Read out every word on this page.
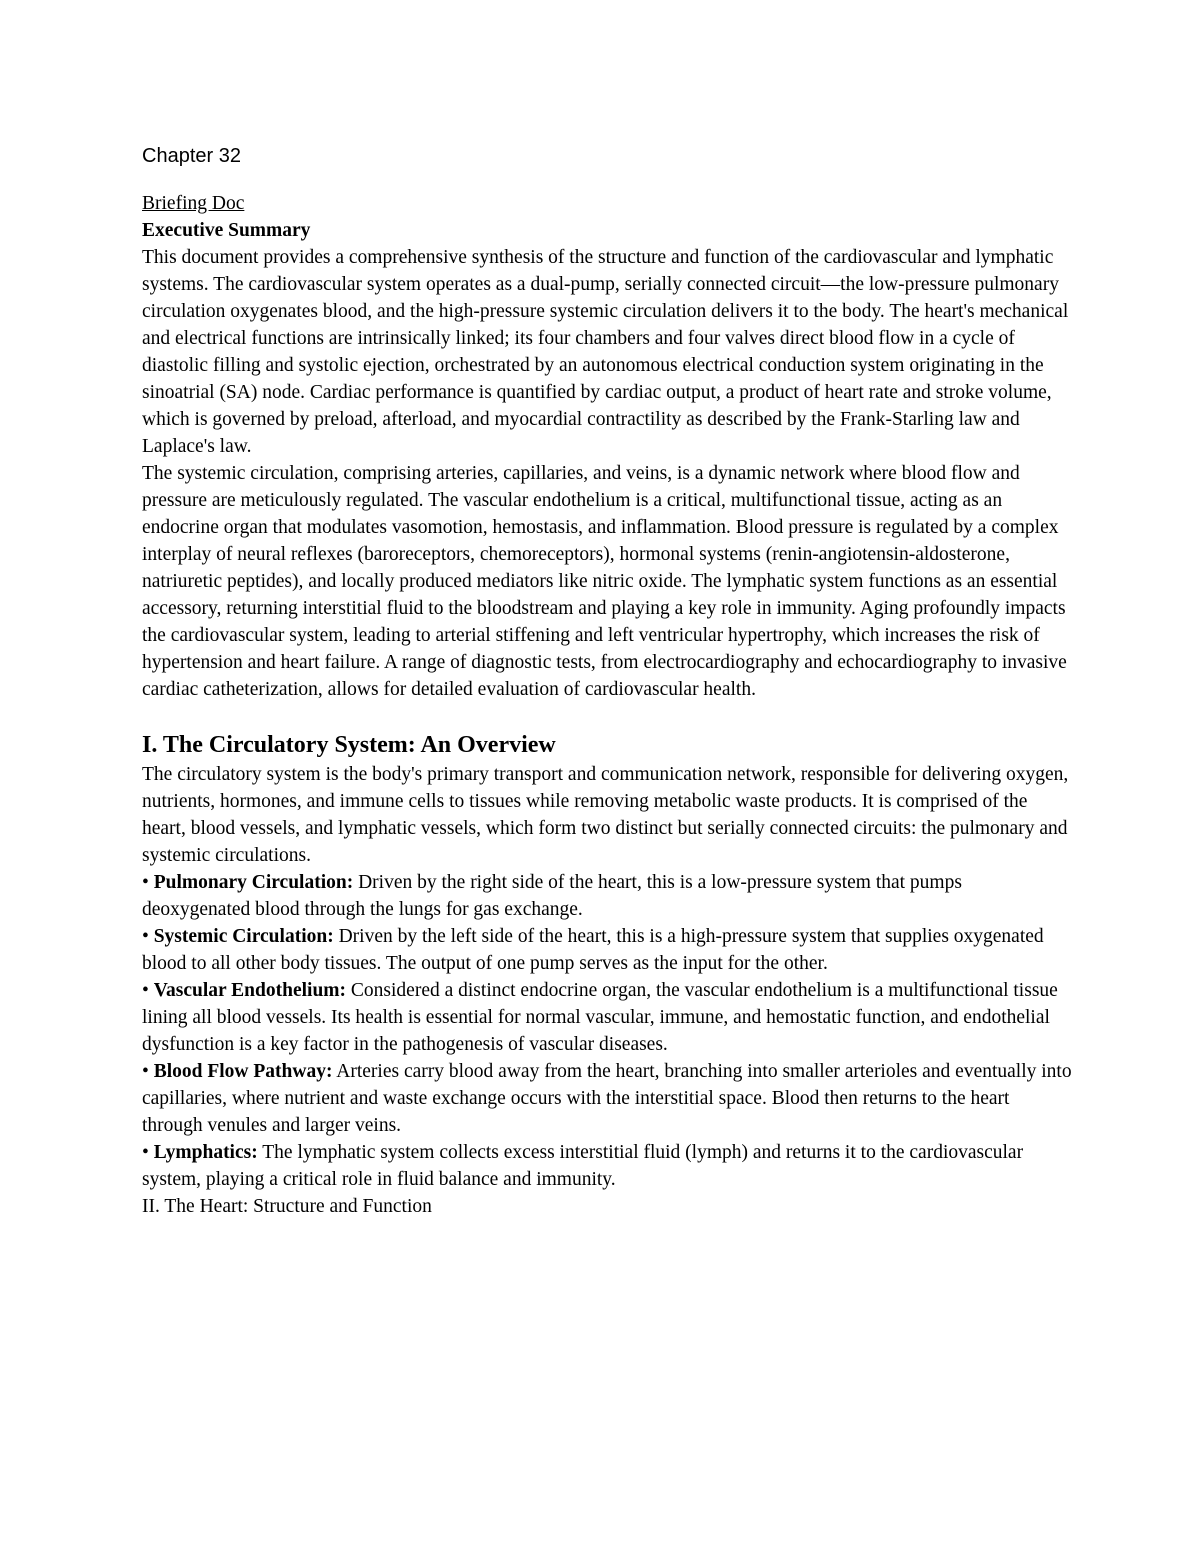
Chapter 32
Briefing Doc
Executive Summary

This document provides a comprehensive synthesis of the structure and function of the cardiovascular and lymphatic systems. The cardiovascular system operates as a dual-pump, serially connected circuit—the low-pressure pulmonary circulation oxygenates blood, and the high-pressure systemic circulation delivers it to the body. The heart's mechanical and electrical functions are intrinsically linked; its four chambers and four valves direct blood flow in a cycle of diastolic filling and systolic ejection, orchestrated by an autonomous electrical conduction system originating in the sinoatrial (SA) node. Cardiac performance is quantified by cardiac output, a product of heart rate and stroke volume, which is governed by preload, afterload, and myocardial contractility as described by the Frank-Starling law and Laplace's law.

The systemic circulation, comprising arteries, capillaries, and veins, is a dynamic network where blood flow and pressure are meticulously regulated. The vascular endothelium is a critical, multifunctional tissue, acting as an endocrine organ that modulates vasomotion, hemostasis, and inflammation. Blood pressure is regulated by a complex interplay of neural reflexes (baroreceptors, chemoreceptors), hormonal systems (renin-angiotensin-aldosterone, natriuretic peptides), and locally produced mediators like nitric oxide. The lymphatic system functions as an essential accessory, returning interstitial fluid to the bloodstream and playing a key role in immunity. Aging profoundly impacts the cardiovascular system, leading to arterial stiffening and left ventricular hypertrophy, which increases the risk of hypertension and heart failure. A range of diagnostic tests, from electrocardiography and echocardiography to invasive cardiac catheterization, allows for detailed evaluation of cardiovascular health.

I. The Circulatory System: An Overview

The circulatory system is the body's primary transport and communication network, responsible for delivering oxygen, nutrients, hormones, and immune cells to tissues while removing metabolic waste products. It is comprised of the heart, blood vessels, and lymphatic vessels, which form two distinct but serially connected circuits: the pulmonary and systemic circulations.

• Pulmonary Circulation: Driven by the right side of the heart, this is a low-pressure system that pumps deoxygenated blood through the lungs for gas exchange.

• Systemic Circulation: Driven by the left side of the heart, this is a high-pressure system that supplies oxygenated blood to all other body tissues. The output of one pump serves as the input for the other.

• Vascular Endothelium: Considered a distinct endocrine organ, the vascular endothelium is a multifunctional tissue lining all blood vessels. Its health is essential for normal vascular, immune, and hemostatic function, and endothelial dysfunction is a key factor in the pathogenesis of vascular diseases.

• Blood Flow Pathway: Arteries carry blood away from the heart, branching into smaller arterioles and eventually into capillaries, where nutrient and waste exchange occurs with the interstitial space. Blood then returns to the heart through venules and larger veins.

• Lymphatics: The lymphatic system collects excess interstitial fluid (lymph) and returns it to the cardiovascular system, playing a critical role in fluid balance and immunity.

II. The Heart: Structure and Function
